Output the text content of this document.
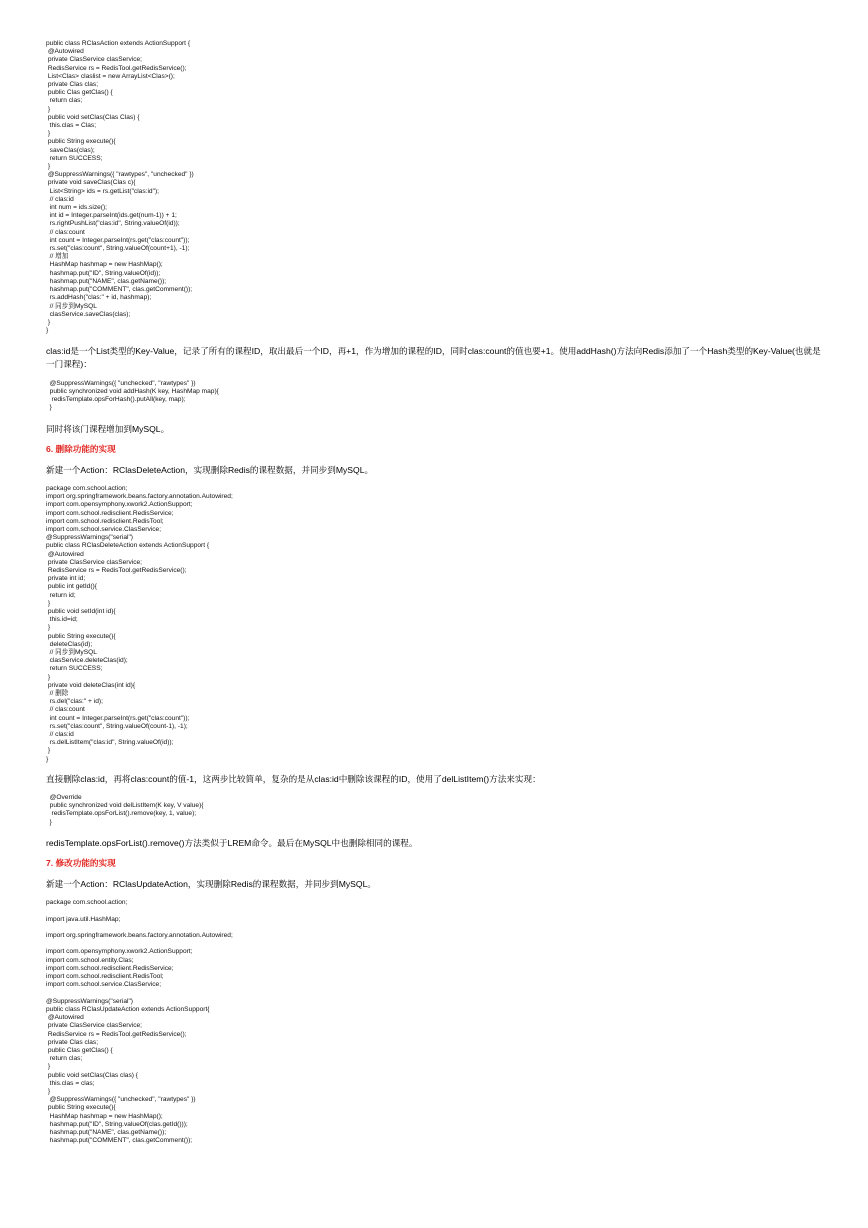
public class RClasAction extends ActionSupport {
@Autowired
private ClasService clasService;
RedisService rs = RedisTool.getRedisService();
List<Clas> claslist = new ArrayList<Clas>();
private Clas clas;
public Clas getClas() {
return clas;
}
public void setClas(Clas Clas) {
this.clas = Clas;
}
public String execute(){
saveClas(clas);
return SUCCESS;
}
@SuppressWarnings({ "rawtypes", "unchecked" })
private void saveClas(Clas c){
List<String> ids = rs.getList("clas:id");
// clas:id
int num = ids.size();
int id = Integer.parseInt(ids.get(num-1)) + 1;
rs.rightPushList("clas:id", String.valueOf(id));
// clas:count
int count = Integer.parseInt(rs.get("clas:count"));
rs.set("clas:count", String.valueOf(count+1), -1);
// 增加
HashMap hashmap = new HashMap();
hashmap.put("ID", String.valueOf(id));
hashmap.put("NAME", clas.getName());
hashmap.put("COMMENT", clas.getComment());
rs.addHash("clas:" + id, hashmap);
// 同步到MySQL
clasService.saveClas(clas);
}
}

clas:id是一个List类型的Key-Value，记录了所有的课程ID，取出最后一个ID，再+1，作为增加的课程的ID，同时clas:count的值也要+1。使用addHash()方法向Redis添加了一个Hash类型的Key-Value(也就是一门课程)：

@SuppressWarnings({ "unchecked", "rawtypes" })
public synchronized void addHash(K key, HashMap map){
redisTemplate.opsForHash().putAll(key, map);
}

同时将该门课程增加到MySQL。

6. 删除功能的实现

新建一个Action：RClasDeleteAction，实现删除Redis的课程数据，并同步到MySQL。

package com.school.action;
import org.springframework.beans.factory.annotation.Autowired;
import com.opensymphony.xwork2.ActionSupport;
import com.school.redisclient.RedisService;
import com.school.redisclient.RedisTool;
import com.school.service.ClasService;
@SuppressWarnings("serial")
public class RClasDeleteAction extends ActionSupport {
@Autowired
private ClasService clasService;
RedisService rs = RedisTool.getRedisService();
private int id;
public int getId(){
return id;
}
public void setId(int id){
this.id=id;
}
public String execute(){
deleteClas(id);
// 同步到MySQL
clasService.deleteClas(id);
return SUCCESS;
}
private void deleteClas(int id){
// 删除
rs.del("clas:" + id);
// clas:count
int count = Integer.parseInt(rs.get("clas:count"));
rs.set("clas:count", String.valueOf(count-1), -1);
// clas:id
rs.delListItem("clas:id", String.valueOf(id));
}
}

直接删除clas:id，再将clas:count的值-1，这两步比较简单，复杂的是从clas:id中删除该课程的ID，使用了delListItem()方法来实现：

@Override
public synchronized void delListItem(K key, V value){
redisTemplate.opsForList().remove(key, 1, value);
}

redisTemplate.opsForList().remove()方法类似于LREM命令。最后在MySQL中也删除相同的课程。

7. 修改功能的实现

新建一个Action：RClasUpdateAction，实现删除Redis的课程数据，并同步到MySQL。

package com.school.action;

import java.util.HashMap;

import org.springframework.beans.factory.annotation.Autowired;

import com.opensymphony.xwork2.ActionSupport;
import com.school.entity.Clas;
import com.school.redisclient.RedisService;
import com.school.redisclient.RedisTool;
import com.school.service.ClasService;

@SuppressWarnings("serial")
public class RClasUpdateAction extends ActionSupport{
@Autowired
private ClasService clasService;
RedisService rs = RedisTool.getRedisService();
private Clas clas;
public Clas getClas() {
return clas;
}
public void setClas(Clas clas) {
this.clas = clas;
}
@SuppressWarnings({ "unchecked", "rawtypes" })
public String execute(){
HashMap hashmap = new HashMap();
hashmap.put("ID", String.valueOf(clas.getId()));
hashmap.put("NAME", clas.getName());
hashmap.put("COMMENT", clas.getComment());
